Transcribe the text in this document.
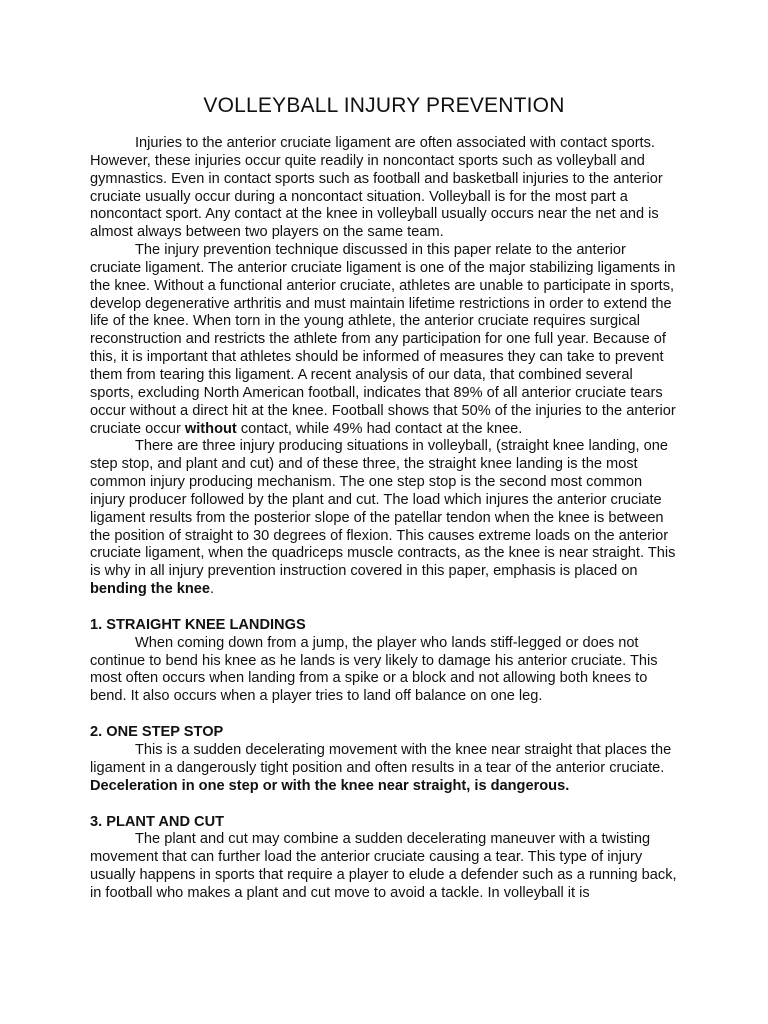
VOLLEYBALL INJURY PREVENTION

Injuries to the anterior cruciate ligament are often associated with contact sports. However, these injuries occur quite readily in noncontact sports such as volleyball and gymnastics. Even in contact sports such as football and basketball injuries to the anterior cruciate usually occur during a noncontact situation. Volleyball is for the most part a noncontact sport. Any contact at the knee in volleyball usually occurs near the net and is almost always between two players on the same team.

The injury prevention technique discussed in this paper relate to the anterior cruciate ligament. The anterior cruciate ligament is one of the major stabilizing ligaments in the knee. Without a functional anterior cruciate, athletes are unable to participate in sports, develop degenerative arthritis and must maintain lifetime restrictions in order to extend the life of the knee. When torn in the young athlete, the anterior cruciate requires surgical reconstruction and restricts the athlete from any participation for one full year. Because of this, it is important that athletes should be informed of measures they can take to prevent them from tearing this ligament. A recent analysis of our data, that combined several sports, excluding North American football, indicates that 89% of all anterior cruciate tears occur without a direct hit at the knee. Football shows that 50% of the injuries to the anterior cruciate occur without contact, while 49% had contact at the knee.

There are three injury producing situations in volleyball, (straight knee landing, one step stop, and plant and cut) and of these three, the straight knee landing is the most common injury producing mechanism. The one step stop is the second most common injury producer followed by the plant and cut. The load which injures the anterior cruciate ligament results from the posterior slope of the patellar tendon when the knee is between the position of straight to 30 degrees of flexion. This causes extreme loads on the anterior cruciate ligament, when the quadriceps muscle contracts, as the knee is near straight. This is why in all injury prevention instruction covered in this paper, emphasis is placed on bending the knee.

1. STRAIGHT KNEE LANDINGS

When coming down from a jump, the player who lands stiff-legged or does not continue to bend his knee as he lands is very likely to damage his anterior cruciate. This most often occurs when landing from a spike or a block and not allowing both knees to bend. It also occurs when a player tries to land off balance on one leg.

2. ONE STEP STOP

This is a sudden decelerating movement with the knee near straight that places the ligament in a dangerously tight position and often results in a tear of the anterior cruciate. Deceleration in one step or with the knee near straight, is dangerous.

3. PLANT AND CUT

The plant and cut may combine a sudden decelerating maneuver with a twisting movement that can further load the anterior cruciate causing a tear. This type of injury usually happens in sports that require a player to elude a defender such as a running back, in football who makes a plant and cut move to avoid a tackle. In volleyball it is
